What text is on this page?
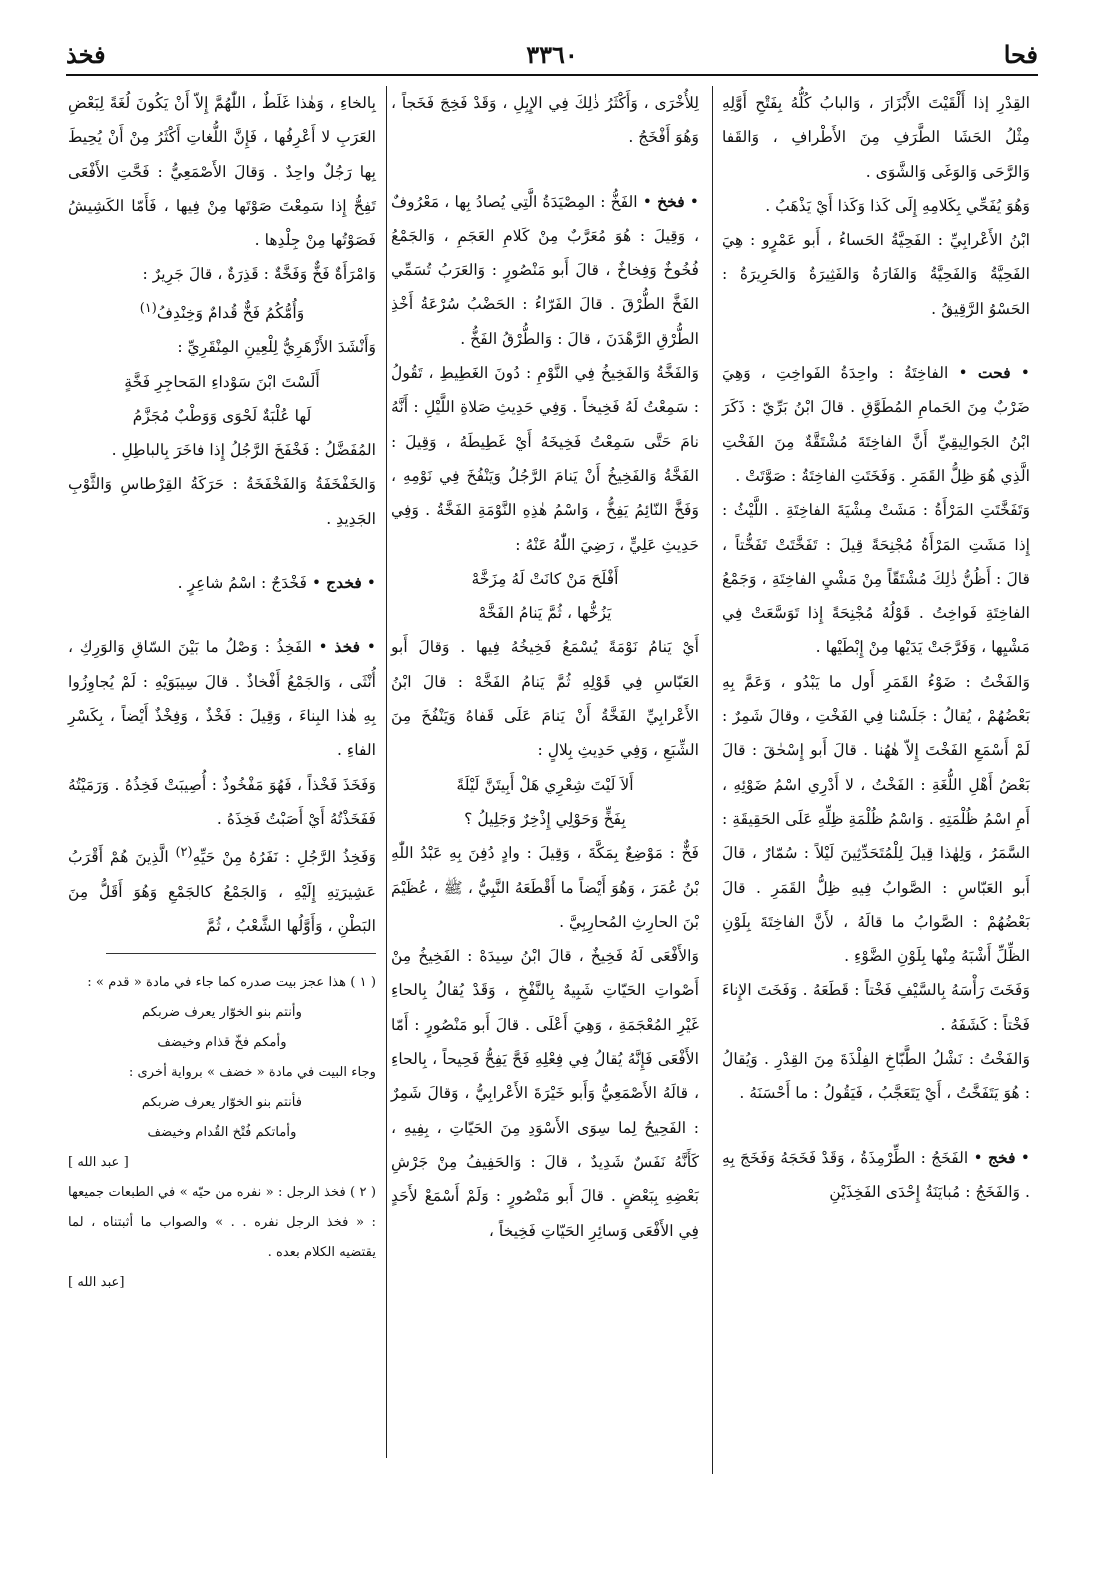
فحا
٣٣٦٠
فخذ

القِدْرِ إذا أَلْقَيْتَ الأَبْزَارَ ، وَالبابُ كُلُّهُ بِفَتْحِ أَوَّلِهِ مِثْلُ الحَشَا الطَّرَفِ مِنَ الأَطْرافِ ، وَالقَفا وَالرَّحَى وَالوَغَى وَالشَّوَى .

وَهُوَ يُفَحِّي بِكَلامِهِ إِلَى كَذا وَكَذا أَيْ يَذْهَبُ .

ابْنُ الأَعْرابِيِّ : الفَحِيَّةُ الحَساءُ ، أَبو عَمْرٍو : هِيَ الفَحِيَّةُ وَالفَحِيَّةُ وَالفَارَةُ وَالفَثِيرَةُ وَالحَرِيرَةُ : الحَسْوُ الرَّقِيقُ .

• فحت • الفاخِتَةُ : واحِدَةُ الفَواخِتِ ، وَهِيَ ضَرْبٌ مِنَ الحَمامِ المُطَوَّقِ . قالَ ابْنُ بَرِّيّ : ذَكَرَ ابْنُ الجَوالِيقِيِّ أَنَّ الفاخِتَةَ مُشْتَقَّةٌ مِنَ الفَخْتِ الَّذِي هُوَ ظِلُّ القَمَرِ . وَفَخَتَتِ الفاخِتَةُ : صَوَّتَتْ .

وَتَفَخَّتَتِ المَرْأَةُ : مَشَتْ مِشْيَةَ الفاخِتَةِ . اللَّيْثُ : إِذا مَشَتِ المَرْأَةُ مُجْنِحَةً قِيلَ : تَفَخَّتَتْ تَفَخُّتاً ، قالَ : أَظُنُّ ذٰلِكَ مُشْتَقّاً مِنْ مَشْيِ الفاخِتَةِ ، وَجَمْعُ الفاخِتَةِ فَواخِتُ . قَوْلُهُ مُجْنِحَةً إِذا تَوَسَّعَتْ فِي مَشْيِها ، وَفَرَّجَتْ يَدَيْها مِنْ إِبْطَيْها .

وَالفَخْتُ : ضَوْءُ القَمَرِ أَول ما يَبْدُو ، وَعَمَّ بِهِ بَعْضُهُمْ ، يُقالُ : جَلَسْنا فِي الفَخْتِ ، وقالَ شَمِرٌ : لَمْ أَسْمَعِ الفَخْتَ إِلاّ هٰهُنا . قالَ أَبو إِسْحٰقَ : قالَ بَعْضُ أَهْلِ اللُّغَةِ : الفَخْتُ ، لا أَدْرِي اسْمُ ضَوْئِهِ ، أَمِ اسْمُ ظُلْمَتِهِ . وَاسْمُ ظُلْمَةِ ظِلِّهِ عَلَى الحَقِيقَةِ : السَّمَرُ ، وَلِهٰذا قِيلَ لِلْمُتَحَدِّثِينَ لَيْلاً : سُمّارٌ ، قالَ أَبو العَبّاسِ : الصَّوابُ فِيهِ ظِلُّ القَمَرِ . قالَ بَعْضُهُمْ : الصَّوابُ ما قالَهُ ، لأَنَّ الفاخِتَةَ بِلَوْنِ الظِّلِّ أَشْبَهُ مِنْها بِلَوْنِ الضَّوْءِ .

وَفَخَتَ رَأْسَهُ بِالسَّيْفِ فَخْتاً : قَطَعَهُ . وَفَخَتَ الإِناءَ فَخْتاً : كَشَفَهُ .

وَالفَخْتُ : نَشْلُ الطَّبّاخِ الفِلْذَةَ مِنَ القِدْرِ . وَيُقالُ : هُوَ يَتَفَخَّتُ ، أَيْ يَتَعَجَّبُ ، فَيَقُولُ : ما أَحْسَنَهُ .

• فخج • الفَخَجُ : الطِّرْمِذَةُ ، وَقَدْ فَخَجَهُ وَفَخَجَ بِهِ . وَالفَخَجُ : مُبايَنَةُ إِحْدَى الفَخِذَيْنِ

لِلأُخْرَى ، وَأَكْثَرُ ذٰلِكَ فِي الإِبِلِ ، وَقَدْ فَخِجَ فَخَجاً ، وَهُوَ أَفْخَجُ .

• فخخ • الفَخُّ : المِصْيَدَةُ الَّتِي يُصادُ بِها ، مَعْرُوفٌ ، وَقِيلَ : هُوَ مُعَرَّبٌ مِنْ كَلامِ العَجَمِ ، وَالجَمْعُ فُخُوخٌ وَفِخاخٌ ، قالَ أَبو مَنْصُورٍ : وَالعَرَبُ تُسَمِّي الفَخَّ الطُّرْقَ . قالَ الفَرّاءُ : الحَضْبُ سُرْعَةُ أَخْذِ الطُّرْقِ الرَّهْدَنَ ، قالَ : وَالطُّرْقُ الفَخُّ .

وَالفَخَّةُ وَالفَخِيخُ فِي النَّوْمِ : دُونَ الغَطِيطِ ، تَقُولُ : سَمِعْتُ لَهُ فَخِيخاً . وَفِي حَدِيثِ صَلاةِ اللَّيْلِ : أَنَّهُ نامَ حَتَّى سَمِعْتُ فَخِيخَهُ أَيْ غَطِيطَهُ ، وَقِيلَ : الفَخَّةُ وَالفَخِيخُ أَنْ يَنامَ الرَّجُلُ وَيَنْفُخَ فِي نَوْمِهِ ، وَفَخَّ النّائِمُ يَفِخُّ ، وَاسْمُ هٰذِهِ النَّوْمَةِ الفَخَّةُ . وَفِي حَدِيثِ عَلِيٍّ ، رَضِيَ اللّٰهُ عَنْهُ :

أَفْلَحَ مَنْ كانَتْ لَهُ مِزَخَّهْ

يَزُخُّها ، ثُمَّ يَنامُ الفَخَّهْ

أَيْ يَنامُ نَوْمَةً يُسْمَعُ فَخِيخُهُ فِيها . وَقالَ أَبو العَبّاسِ فِي قَوْلِهِ ثُمَّ يَنامُ الفَخَّهْ : قالَ ابْنُ الأَعْرابِيِّ الفَخَّةُ أَنْ يَنامَ عَلَى قَفاهُ وَيَنْفُخَ مِنَ الشِّبَعِ ، وَفِي حَدِيثِ بِلالٍ :

أَلاَ لَيْتَ شِعْرِي هَلْ أَبِيتَنَّ لَيْلَةً

بِفَخٍّ وَحَوْلِي إِذْخِرٌ وَجَلِيلُ ؟

فَخٌّ : مَوْضِعٌ بِمَكَّةَ ، وَقِيلَ : وادٍ دُفِنَ بِهِ عَبْدُ اللّٰهِ بْنُ عُمَرَ ، وَهُوَ أَيْضاً ما أَقْطَعَهُ النَّبِيُّ ، ﷺ ، عُظَيْمَ بْنَ الحارِثِ المُحارِبِيَّ .

وَالأَفْعَى لَهُ فَخِيخٌ ، قالَ ابْنُ سِيدَهْ : الفَخِيخُ مِنْ أَصْواتِ الحَيّاتِ شَبِيهٌ بِالنَّفْخِ ، وَقَدْ يُقالُ بِالحاءِ غَيْرِ المُعْجَمَةِ ، وَهِيَ أَعْلَى . قالَ أَبو مَنْصُورٍ : أَمّا الأَفْعَى فَإِنَّهُ يُقالُ فِي فِعْلِهِ فَحَّ يَفِحُّ فَحِيحاً ، بِالحاءِ ، قالَهُ الأَصْمَعِيُّ وَأَبو خَيْرَةَ الأَعْرابِيُّ ، وَقالَ شَمِرٌ : الفَحِيحُ لِما سِوَى الأَسْوَدِ مِنَ الحَيّاتِ ، بِفِيهِ ، كَأَنَّهُ نَفَسٌ شَدِيدٌ ، قالَ : وَالحَفِيفُ مِنْ جَرْشِ بَعْضِهِ بِبَعْضٍ . قالَ أَبو مَنْصُورٍ : وَلَمْ أَسْمَعْ لأَحَدٍ فِي الأَفْعَى وَسائِرِ الحَيّاتِ فَخِيخاً ،

بِالخاءِ ، وَهٰذا غَلَطٌ ، اللّٰهُمَّ إِلاّ أَنْ يَكُونَ لُغَةً لِبَعْضِ العَرَبِ لا أَعْرِفُها ، فَإِنَّ اللُّغاتِ أَكْثَرُ مِنْ أَنْ يُحِيطَ بِها رَجُلٌ واحِدٌ . وَقالَ الأَصْمَعِيُّ : فَحَّتِ الأَفْعَى تَفِحُّ إِذا سَمِعْتَ صَوْتَها مِنْ فِيها ، فَأَمّا الكَشِيشُ فَصَوْتُها مِنْ جِلْدِها .

وَامْرَأَةٌ فَخٌّ وَفَخَّةٌ : قَذِرَةٌ ، قالَ جَرِيرٌ :

وَأُمُّكُمُ فَخٌّ قُدامٌ وَخِنْدِفُ$^{(١)}$

وَأَنْشَدَ الأَزْهَرِيُّ لِلْعِينِ المِنْقَرِيِّ :

أَلَسْتَ ابْنَ سَوْداءِ المَحاجِرِ فَخَّةٍ

لَها عُلْبَةٌ لَحْوَى وَوَطْبٌ مُجَزَّمُ

المُفَضَّلُ : فَخْفَخَ الرَّجُلُ إِذا فاخَرَ بِالباطِلِ .

وَالخَفْخَفَةُ وَالفَخْفَخَةُ : حَرَكَةُ القِرْطاسِ وَالثَّوْبِ الجَدِيدِ .

• فخدج • فَخْدَجٌ : اسْمُ شاعِرٍ .

• فخذ • الفَخِذُ : وَصْلُ ما بَيْنَ السّاقِ وَالوَرِكِ ، أُنْثَى ، وَالجَمْعُ أَفْخاذٌ . قالَ سِيبَوَيْهِ : لَمْ يُجاوِزُوا بِهِ هٰذا البِناءَ ، وَقِيلَ : فَخْذٌ ، وَفِخْذٌ أَيْضاً ، بِكَسْرِ الفاءِ .

وَفَخَذَ فَخْذاً ، فَهُوَ مَفْخُوذٌ : أُصِيبَتْ فَخِذُهُ . وَرَمَيْتُهُ فَفَخَذْتُهُ أَيْ أَصَبْتُ فَخِذَهُ .

وَفَخِذُ الرَّجُلِ : نَفَرُهُ مِنْ حَيِّهِ$^{(٢)}$ الَّذِينَ هُمْ أَقْرَبُ عَشِيرَتِهِ إِلَيْهِ ، وَالجَمْعُ كالجَمْعِ وَهُوَ أَقَلُّ مِنَ البَطْنِ ، وَأَوَّلُها الشَّعْبُ ، ثُمَّ

( ١ ) هذا عجز بيت صدره كما جاء في مادة « قدم » :

وأنتم بنو الخوّار يعرف ضربكم

وأمكم فخّ قذام وخيضف

وجاء البيت في مادة « خضف » برواية أخرى :

فأنتم بنو الخوّار يعرف ضربكم

وأماتكم فُتْخ القُدام وخيضف

[ عبد الله ]

( ٢ ) فخذ الرجل : « نفره من حيّه » في الطبعات جميعها : « فخذ الرجل نفره . . » والصواب ما أثبتناه ، لما يقتضيه الكلام بعده .

[عبد الله ]
